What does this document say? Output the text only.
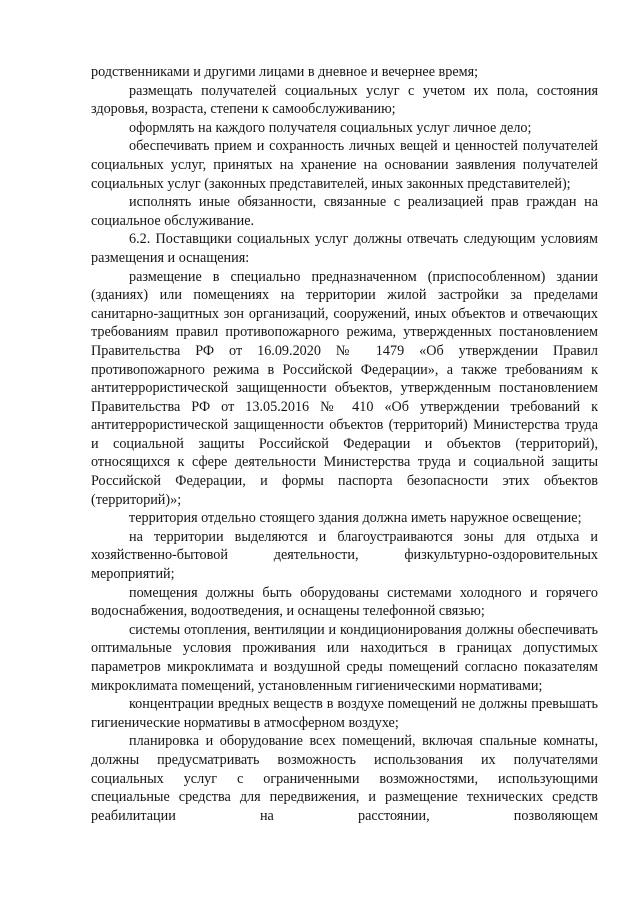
родственниками и другими лицами в дневное и вечернее время;

размещать получателей социальных услуг с учетом их пола, состояния здоровья, возраста, степени к самообслуживанию;

оформлять на каждого получателя социальных услуг личное дело;

обеспечивать прием и сохранность личных вещей и ценностей получателей социальных услуг, принятых на хранение на основании заявления получателей социальных услуг (законных представителей, иных законных представителей);

исполнять иные обязанности, связанные с реализацией прав граждан на социальное обслуживание.

6.2. Поставщики социальных услуг должны отвечать следующим условиям размещения и оснащения:

размещение в специально предназначенном (приспособленном) здании (зданиях) или помещениях на территории жилой застройки за пределами санитарно-защитных зон организаций, сооружений, иных объектов и отвечающих требованиям правил противопожарного режима, утвержденных постановлением Правительства РФ от 16.09.2020 № 1479 «Об утверждении Правил противопожарного режима в Российской Федерации», а также требованиям к антитеррористической защищенности объектов, утвержденным постановлением Правительства РФ от 13.05.2016 № 410 «Об утверждении требований к антитеррористической защищенности объектов (территорий) Министерства труда и социальной защиты Российской Федерации и объектов (территорий), относящихся к сфере деятельности Министерства труда и социальной защиты Российской Федерации, и формы паспорта безопасности этих объектов (территорий)»;

территория отдельно стоящего здания должна иметь наружное освещение;

на территории выделяются и благоустраиваются зоны для отдыха и хозяйственно-бытовой деятельности, физкультурно-оздоровительных мероприятий;

помещения должны быть оборудованы системами холодного и горячего водоснабжения, водоотведения, и оснащены телефонной связью;

системы отопления, вентиляции и кондиционирования должны обеспечивать оптимальные условия проживания или находиться в границах допустимых параметров микроклимата и воздушной среды помещений согласно показателям микроклимата помещений, установленным гигиеническими нормативами;

концентрации вредных веществ в воздухе помещений не должны превышать гигиенические нормативы в атмосферном воздухе;

планировка и оборудование всех помещений, включая спальные комнаты, должны предусматривать возможность использования их получателями социальных услуг с ограниченными возможностями, использующими специальные средства для передвижения, и размещение технических средств реабилитации на расстоянии, позволяющем
